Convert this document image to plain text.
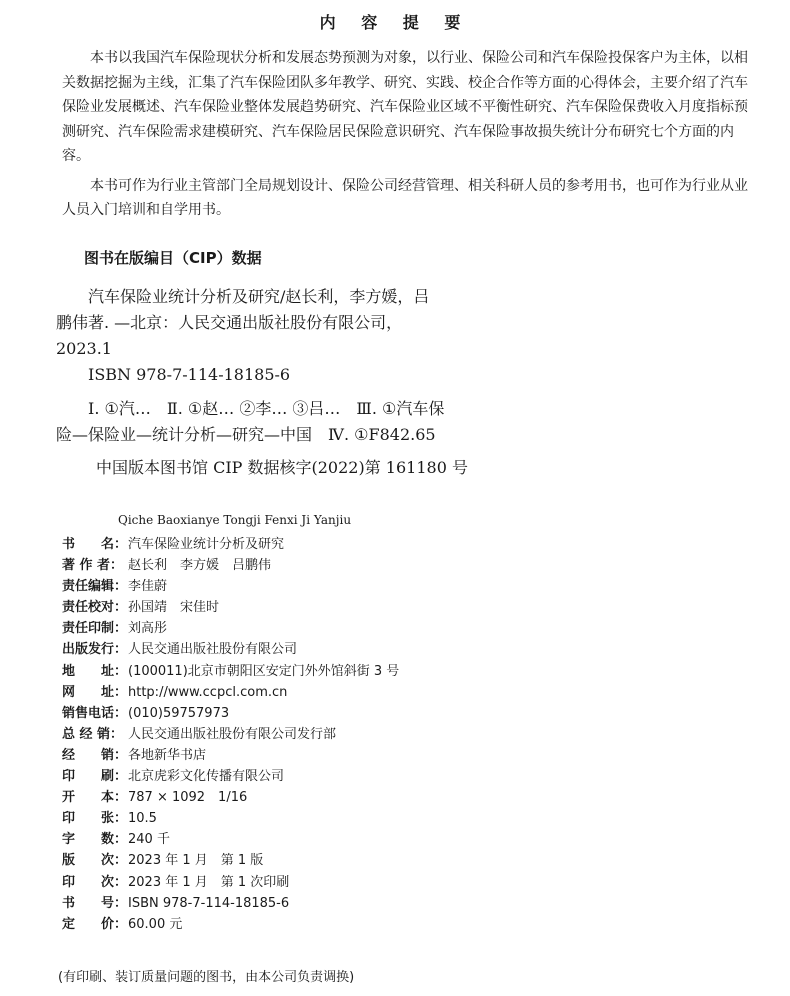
内 容 提 要

本书以我国汽车保险现状分析和发展态势预测为对象，以行业、保险公司和汽车保险投保客户为主体，以相关数据挖掘为主线，汇集了汽车保险团队多年教学、研究、实践、校企合作等方面的心得体会，主要介绍了汽车保险业发展概述、汽车保险业整体发展趋势研究、汽车保险业区域不平衡性研究、汽车保险保费收入月度指标预测研究、汽车保险需求建模研究、汽车保险居民保险意识研究、汽车保险事故损失统计分布研究七个方面的内容。

本书可作为行业主管部门全局规划设计、保险公司经营管理、相关科研人员的参考用书，也可作为行业从业人员入门培训和自学用书。

图书在版编目（CIP）数据
汽车保险业统计分析及研究/赵长利，李方媛，吕
鹏伟著. —北京：人民交通出版社股份有限公司，
2023.1
ISBN 978-7-114-18185-6
Ⅰ. ①汽…　Ⅱ. ①赵… ②李… ③吕…　Ⅲ. ①汽车保
险—保险业—统计分析—研究—中国　Ⅳ. ①F842.65
中国版本图书馆 CIP 数据核字(2022)第 161180 号
Qiche Baoxianye Tongji Fenxi Ji Yanjiu
书　　名：汽车保险业统计分析及研究
著 作 者： 赵长利　李方媛　吕鹏伟
责任编辑：李佳蔚
责任校对：孙国靖　宋佳时
责任印制：刘高彤
出版发行：人民交通出版社股份有限公司
地　　址：(100011)北京市朝阳区安定门外外馆斜街 3 号
网　　址：http://www.ccpcl.com.cn
销售电话：(010)59757973
总 经 销： 人民交通出版社股份有限公司发行部
经　　销：各地新华书店
印　　刷：北京虎彩文化传播有限公司
开　　本：787 × 1092　1/16
印　　张：10.5
字　　数：240 千
版　　次：2023 年 1 月　第 1 版
印　　次：2023 年 1 月　第 1 次印刷
书　　号：ISBN 978-7-114-18185-6
定　　价：60.00 元
(有印刷、装订质量问题的图书，由本公司负责调换)
